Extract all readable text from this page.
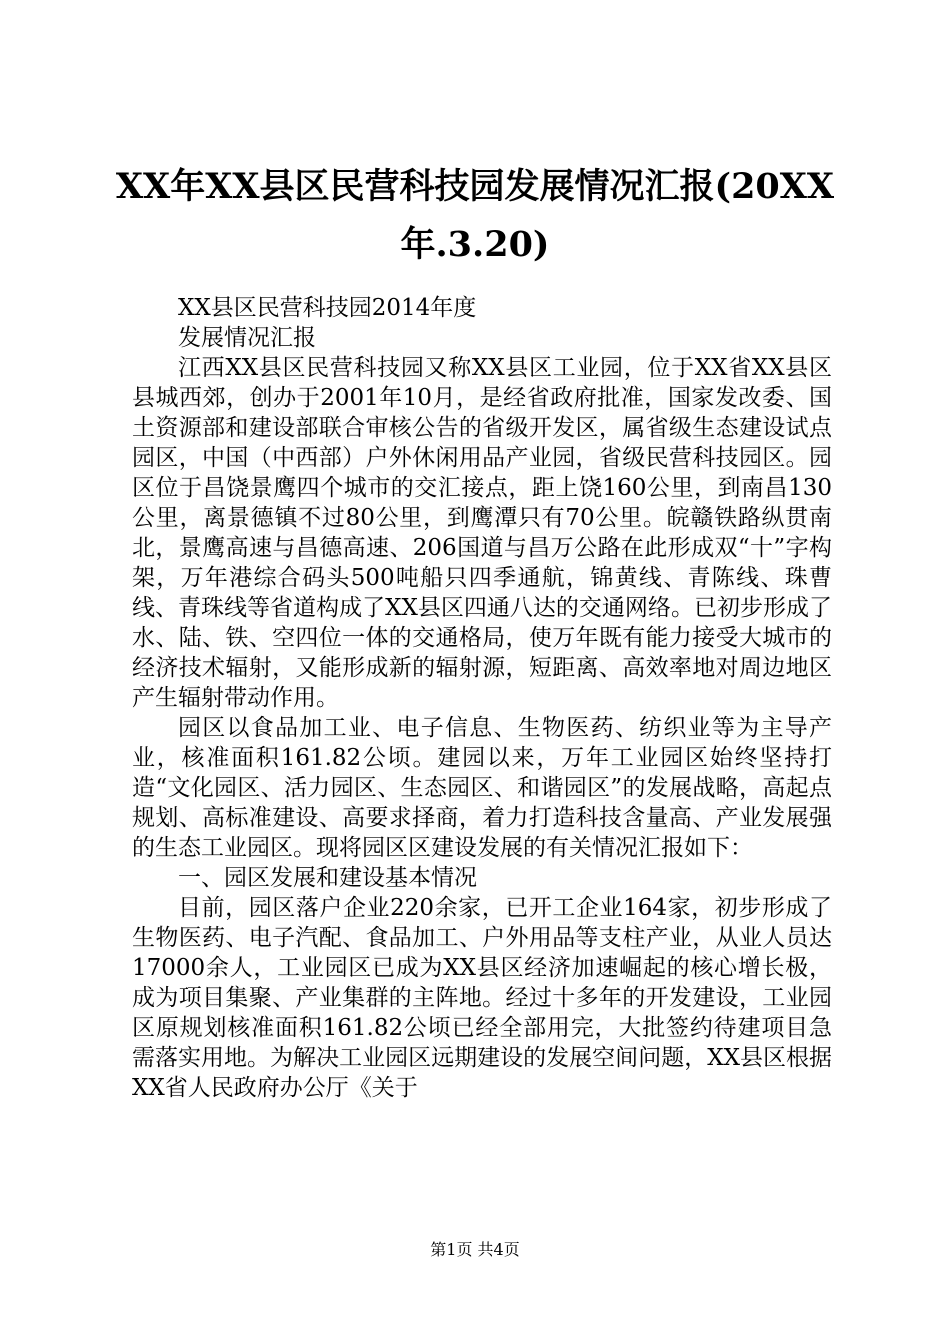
XX年XX县区民营科技园发展情况汇报(20XX
年.3.20)

XX县区民营科技园2014年度

发展情况汇报

江西XX县区民营科技园又称XX县区工业园，位于XX省XX县区县城西郊，创办于2001年10月，是经省政府批准，国家发改委、国土资源部和建设部联合审核公告的省级开发区，属省级生态建设试点园区，中国（中西部）户外休闲用品产业园，省级民营科技园区。园区位于昌饶景鹰四个城市的交汇接点，距上饶160公里，到南昌130公里，离景德镇不过80公里，到鹰潭只有70公里。皖赣铁路纵贯南北，景鹰高速与昌德高速、206国道与昌万公路在此形成双“十”字构架，万年港综合码头500吨船只四季通航，锦黄线、青陈线、珠曹线、青珠线等省道构成了XX县区四通八达的交通网络。已初步形成了水、陆、铁、空四位一体的交通格局，使万年既有能力接受大城市的经济技术辐射，又能形成新的辐射源，短距离、高效率地对周边地区产生辐射带动作用。

园区以食品加工业、电子信息、生物医药、纺织业等为主导产业，核准面积161.82公顷。建园以来，万年工业园区始终坚持打造“文化园区、活力园区、生态园区、和谐园区”的发展战略，高起点规划、高标准建设、高要求择商，着力打造科技含量高、产业发展强的生态工业园区。现将园区区建设发展的有关情况汇报如下：

一、园区发展和建设基本情况

目前，园区落户企业220余家，已开工企业164家，初步形成了生物医药、电子汽配、食品加工、户外用品等支柱产业，从业人员达17000余人，工业园区已成为XX县区经济加速崛起的核心增长极，成为项目集聚、产业集群的主阵地。经过十多年的开发建设，工业园区原规划核准面积161.82公顷已经全部用完，大批签约待建项目急需落实用地。为解决工业园区远期建设的发展空间问题，XX县区根据XX省人民政府办公厅《关于

第1页 共4页
